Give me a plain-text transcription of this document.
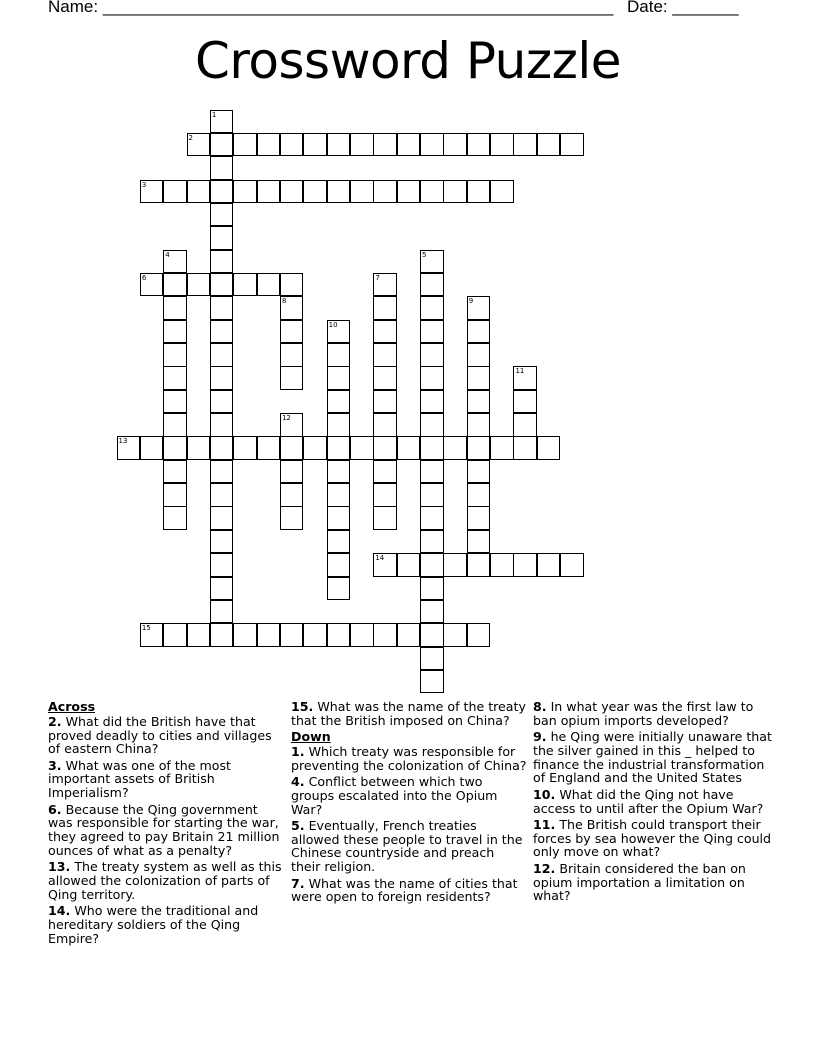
Name: ______________________________________________________ Date: _______
Crossword Puzzle
1
2
3
4	5
6	7
8	9
10
11
12
13
14
15
Across
2. What did the British have that proved deadly to cities and villages of eastern China?
3. What was one of the most important assets of British Imperialism?
6. Because the Qing government was responsible for starting the war, they agreed to pay Britain 21 million ounces of what as a penalty?
13. The treaty system as well as this allowed the colonization of parts of Qing territory.
14. Who were the traditional and hereditary soldiers of the Qing Empire?
15. What was the name of the treaty that the British imposed on China?
Down
1. Which treaty was responsible for preventing the colonization of China?
4. Conflict between which two groups escalated into the Opium War?
5. Eventually, French treaties allowed these people to travel in the Chinese countryside and preach their religion.
7. What was the name of cities that were open to foreign residents?
8. In what year was the first law to ban opium imports developed?
9. he Qing were initially unaware that the silver gained in this _ helped to finance the industrial transformation of England and the United States
10. What did the Qing not have access to until after the Opium War?
11. The British could transport their forces by sea however the Qing could only move on what?
12. Britain considered the ban on opium importation a limitation on what?
